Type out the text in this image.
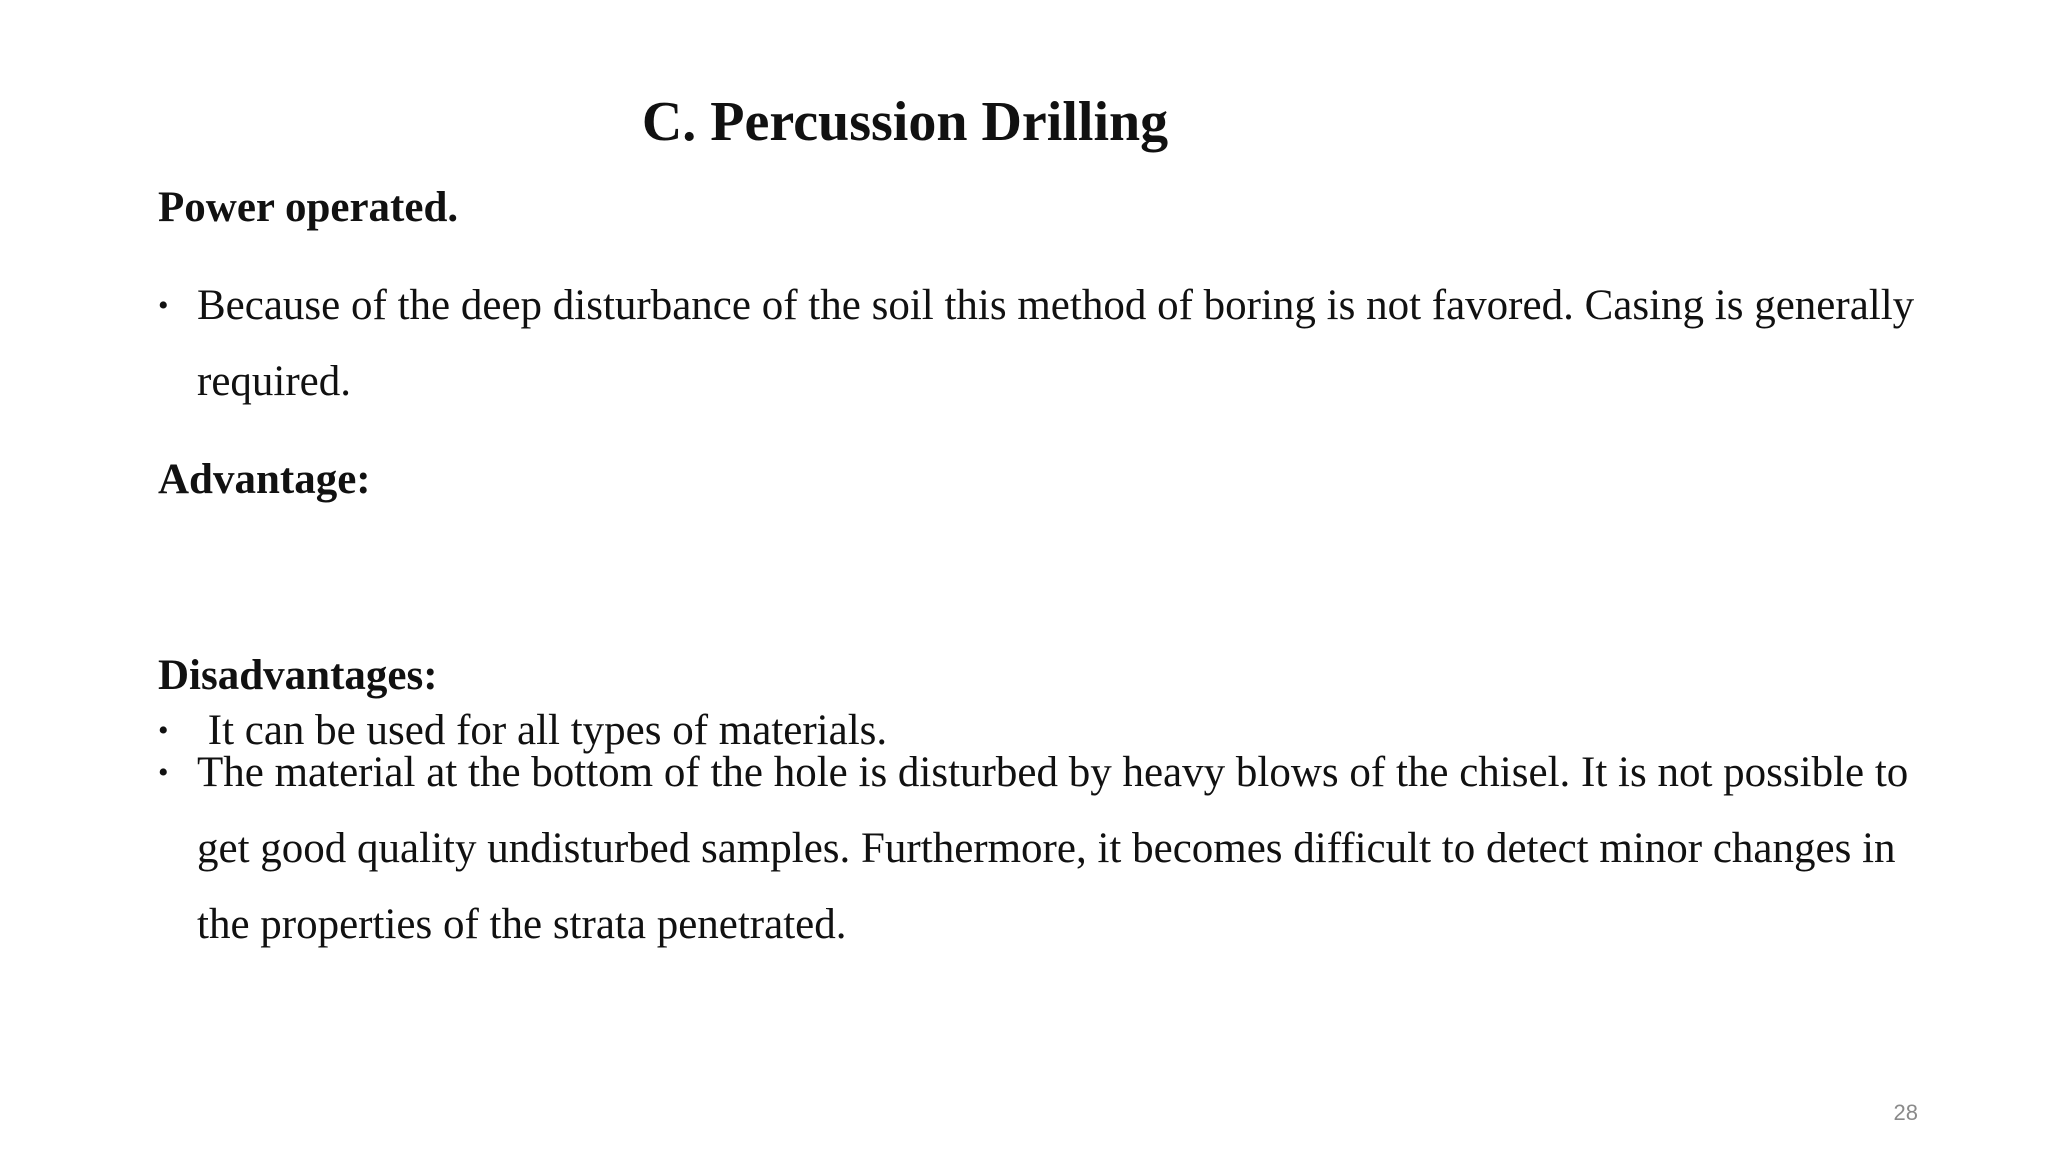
C. Percussion Drilling
Power operated.
• Because of the deep disturbance of the soil this method of boring is not favored. Casing is generally required.
Advantage:

• It can be used for all types of materials.

Disadvantages:
• The material at the bottom of the hole is disturbed by heavy blows of the chisel. It is not possible to get good quality undisturbed samples. Furthermore, it becomes difficult to detect minor changes in the properties of the strata penetrated.
28
